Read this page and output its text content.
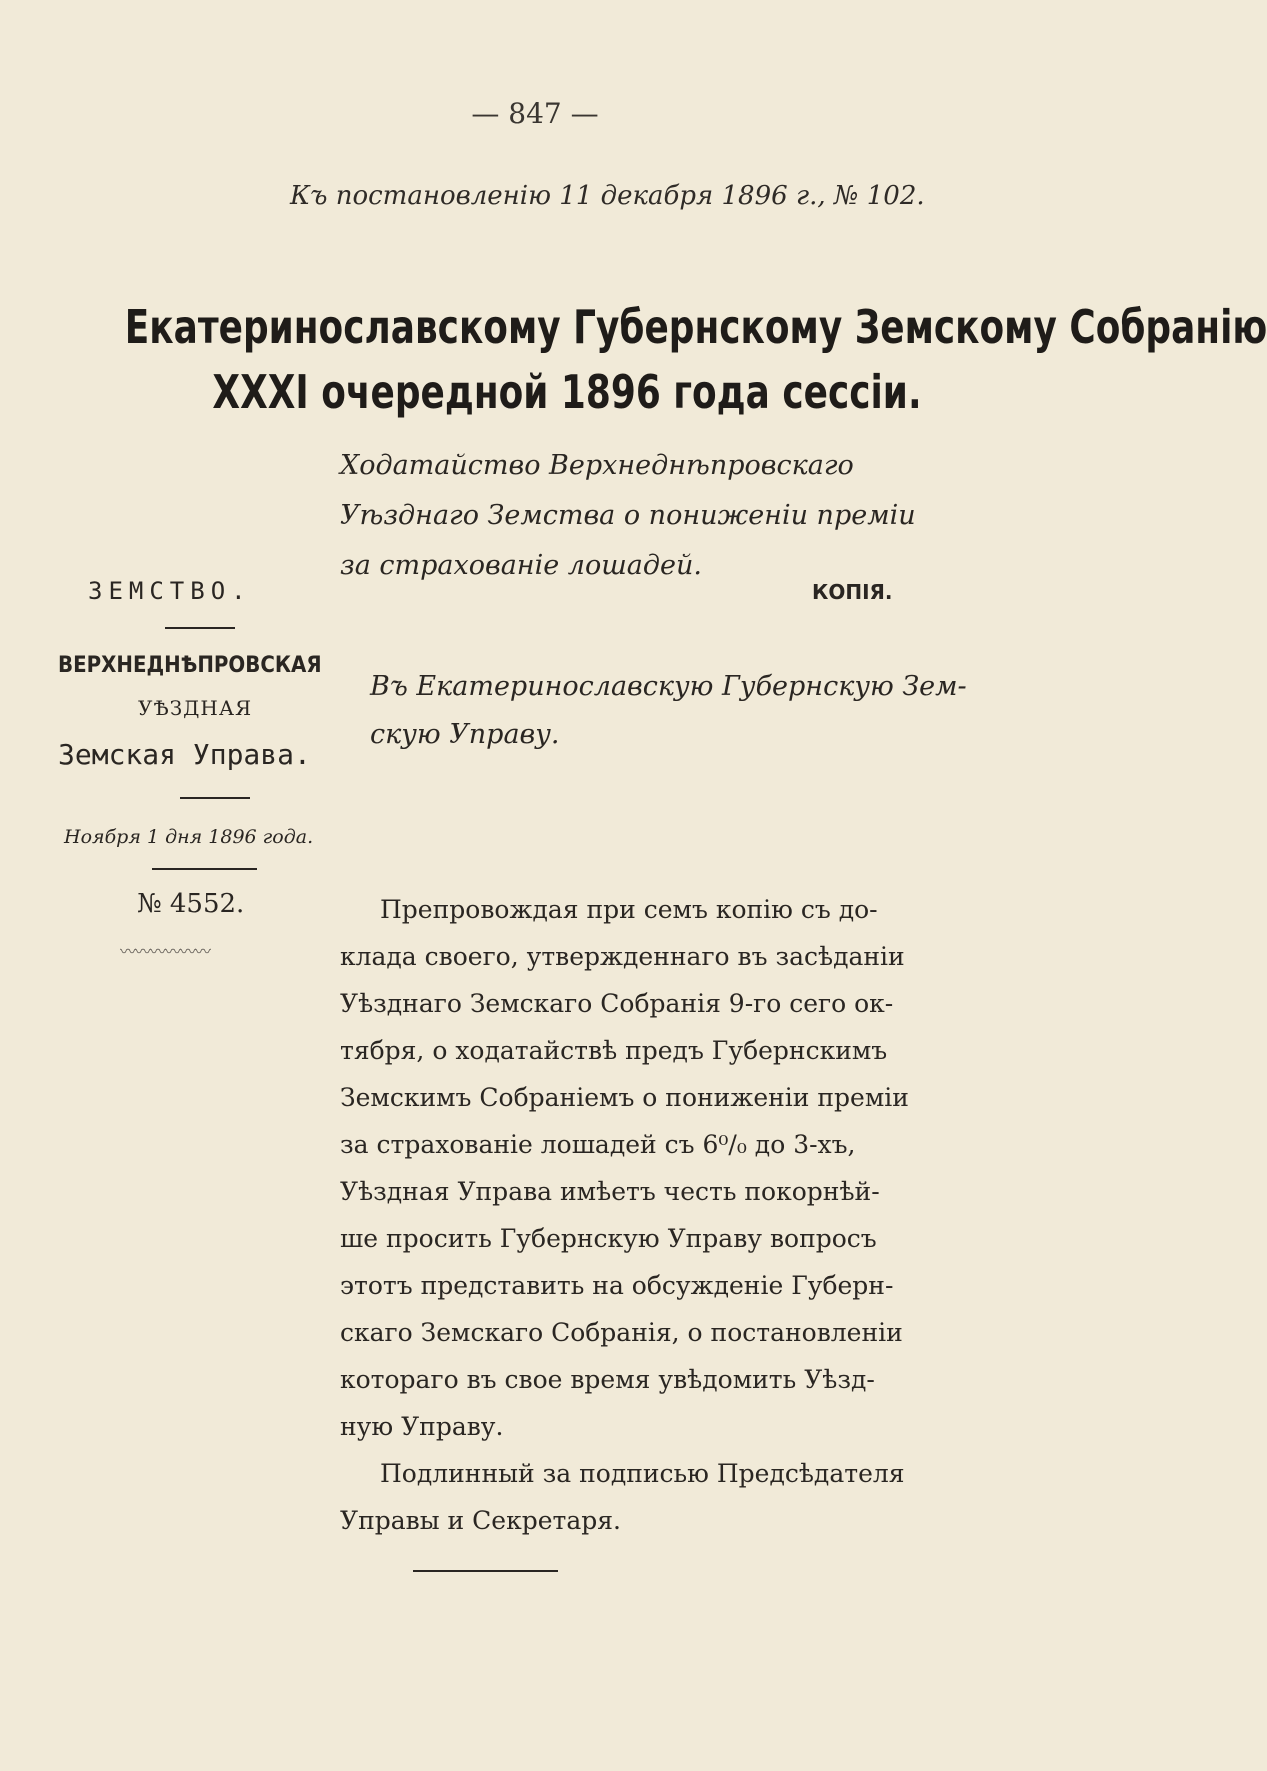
— 847 —
Къ постановленію 11 декабря 1896 г., № 102.
Екатеринославскому Губернскому Земскому Собранію
XXXI очередной 1896 года сессіи.
Ходатайство Верхнеднѣпровскаго
Уѣзднаго Земства о пониженіи преміи
за страхованіе лошадей.
ЗЕМСТВО.	КОПІЯ.
ВЕРХНЕДНѢПРОВСКАЯ
УѢЗДНАЯ
Земская Управа.
Въ Екатеринославскую Губернскую Зем-
скую Управу.
Ноября 1 дня 1896 года.
№ 4552.
〰〰〰〰〰〰
Препровождая при семъ копію съ до-
клада своего, утвержденнаго въ засѣданіи
Уѣзднаго Земскаго Собранія 9-го сего ок-
тября, о ходатайствѣ предъ Губернскимъ
Земскимъ Собраніемъ о пониженіи преміи
за страхованіе лошадей съ 6⁰/₀ до 3-хъ,
Уѣздная Управа имѣетъ честь покорнѣй-
ше просить Губернскую Управу вопросъ
этотъ представить на обсужденіе Губерн-
скаго Земскаго Собранія, о постановленіи
котораго въ свое время увѣдомить Уѣзд-
ную Управу.
Подлинный за подписью Предсѣдателя
Управы и Секретаря.
